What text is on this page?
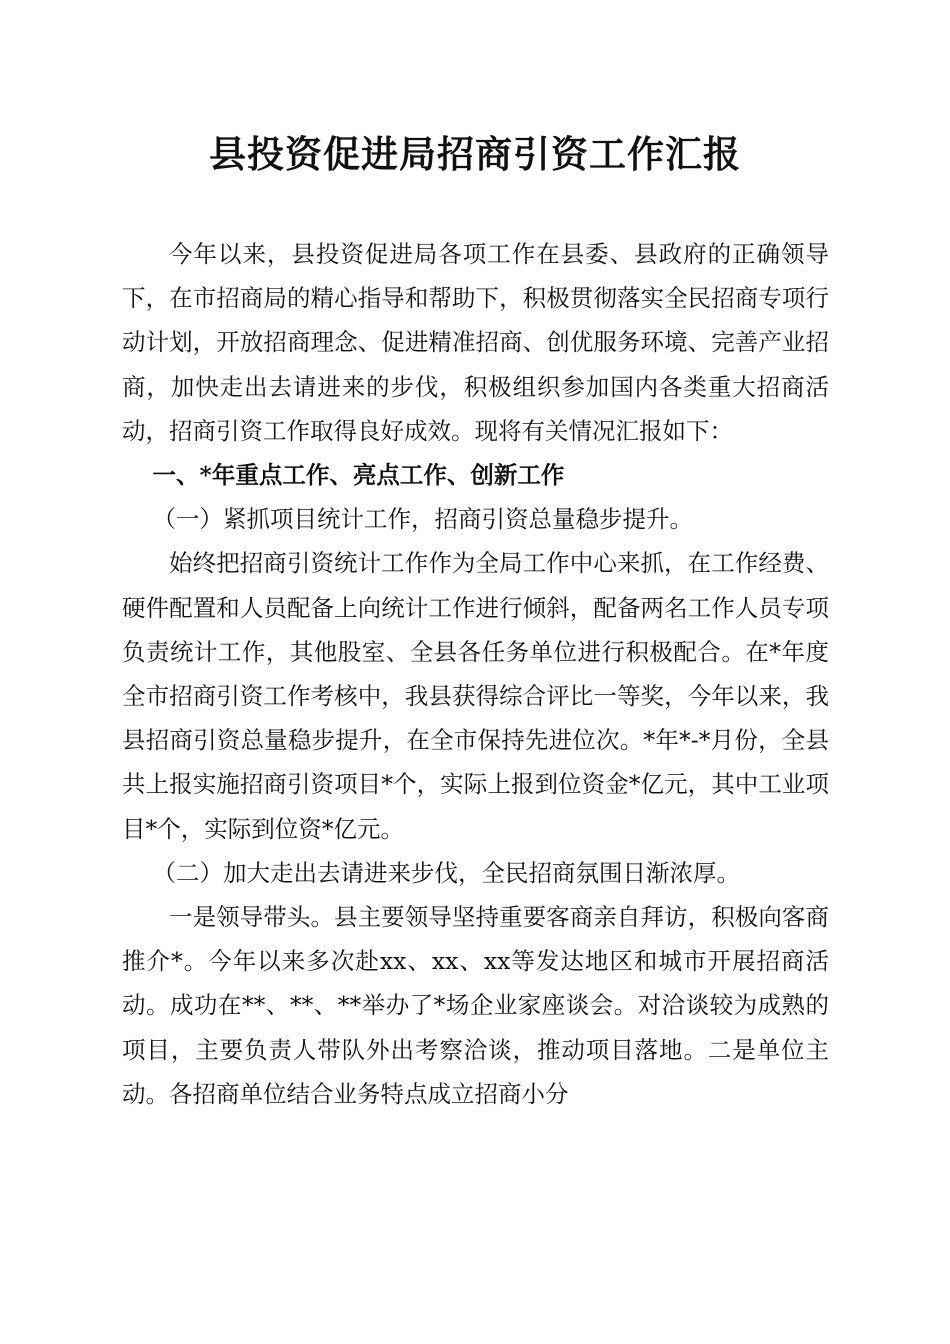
县投资促进局招商引资工作汇报

今年以来，县投资促进局各项工作在县委、县政府的正确领导下，在市招商局的精心指导和帮助下，积极贯彻落实全民招商专项行动计划，开放招商理念、促进精准招商、创优服务环境、完善产业招商，加快走出去请进来的步伐，积极组织参加国内各类重大招商活动，招商引资工作取得良好成效。现将有关情况汇报如下：

一、*年重点工作、亮点工作、创新工作

（一）紧抓项目统计工作，招商引资总量稳步提升。

始终把招商引资统计工作作为全局工作中心来抓，在工作经费、硬件配置和人员配备上向统计工作进行倾斜，配备两名工作人员专项负责统计工作，其他股室、全县各任务单位进行积极配合。在*年度全市招商引资工作考核中，我县获得综合评比一等奖，今年以来，我县招商引资总量稳步提升，在全市保持先进位次。*年*-*月份，全县共上报实施招商引资项目*个，实际上报到位资金*亿元，其中工业项目*个，实际到位资*亿元。

（二）加大走出去请进来步伐，全民招商氛围日渐浓厚。

一是领导带头。县主要领导坚持重要客商亲自拜访，积极向客商推介*。今年以来多次赴xx、xx、xx等发达地区和城市开展招商活动。成功在**、**、**举办了*场企业家座谈会。对洽谈较为成熟的项目，主要负责人带队外出考察洽谈，推动项目落地。二是单位主动。各招商单位结合业务特点成立招商小分
